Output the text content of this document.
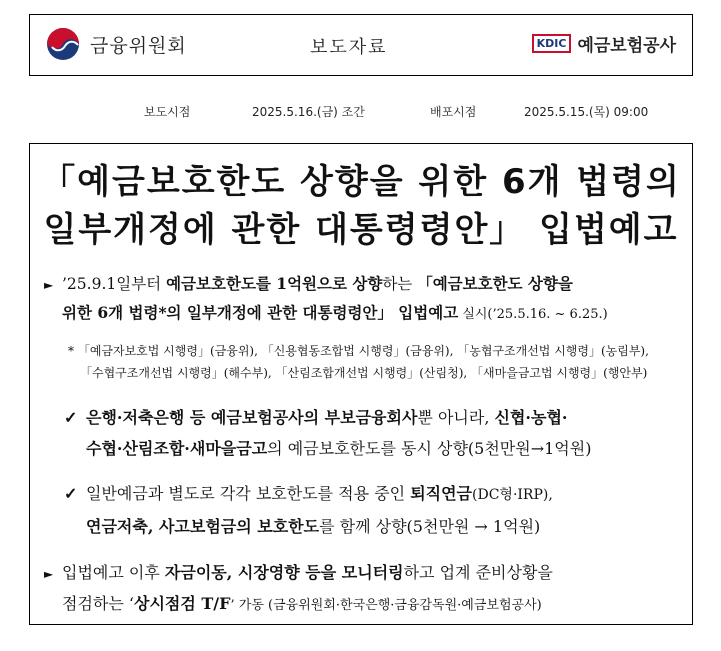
금융위원회	보도자료	KDIC 예금보험공사
보도시점	2025.5.16.(금) 조간	배포시점	2025.5.15.(목) 09:00
「예금보호한도 상향을 위한 6개 법령의
일부개정에 관한 대통령령안」 입법예고
► ’25.9.1일부터 예금보호한도를 1억원으로 상향하는 「예금보호한도 상향을
위한 6개 법령*의 일부개정에 관한 대통령령안」 입법예고 실시(’25.5.16. ~ 6.25.)
* 「예금자보호법 시행령」(금융위), 「신용협동조합법 시행령」(금융위), 「농협구조개선법 시행령」(농림부),
「수협구조개선법 시행령」(해수부), 「산림조합개선법 시행령」(산림청), 「새마을금고법 시행령」(행안부)
✓ 은행·저축은행 등 예금보험공사의 부보금융회사뿐 아니라, 신협·농협·
수협·산림조합·새마을금고의 예금보호한도를 동시 상향(5천만원→1억원)
✓ 일반예금과 별도로 각각 보호한도를 적용 중인 퇴직연금(DC형·IRP),
연금저축, 사고보험금의 보호한도를 함께 상향(5천만원 → 1억원)
► 입법예고 이후 자금이동, 시장영향 등을 모니터링하고 업계 준비상황을
점검하는 ‘상시점검 T/F’ 가동 (금융위원회·한국은행·금융감독원·예금보험공사)
